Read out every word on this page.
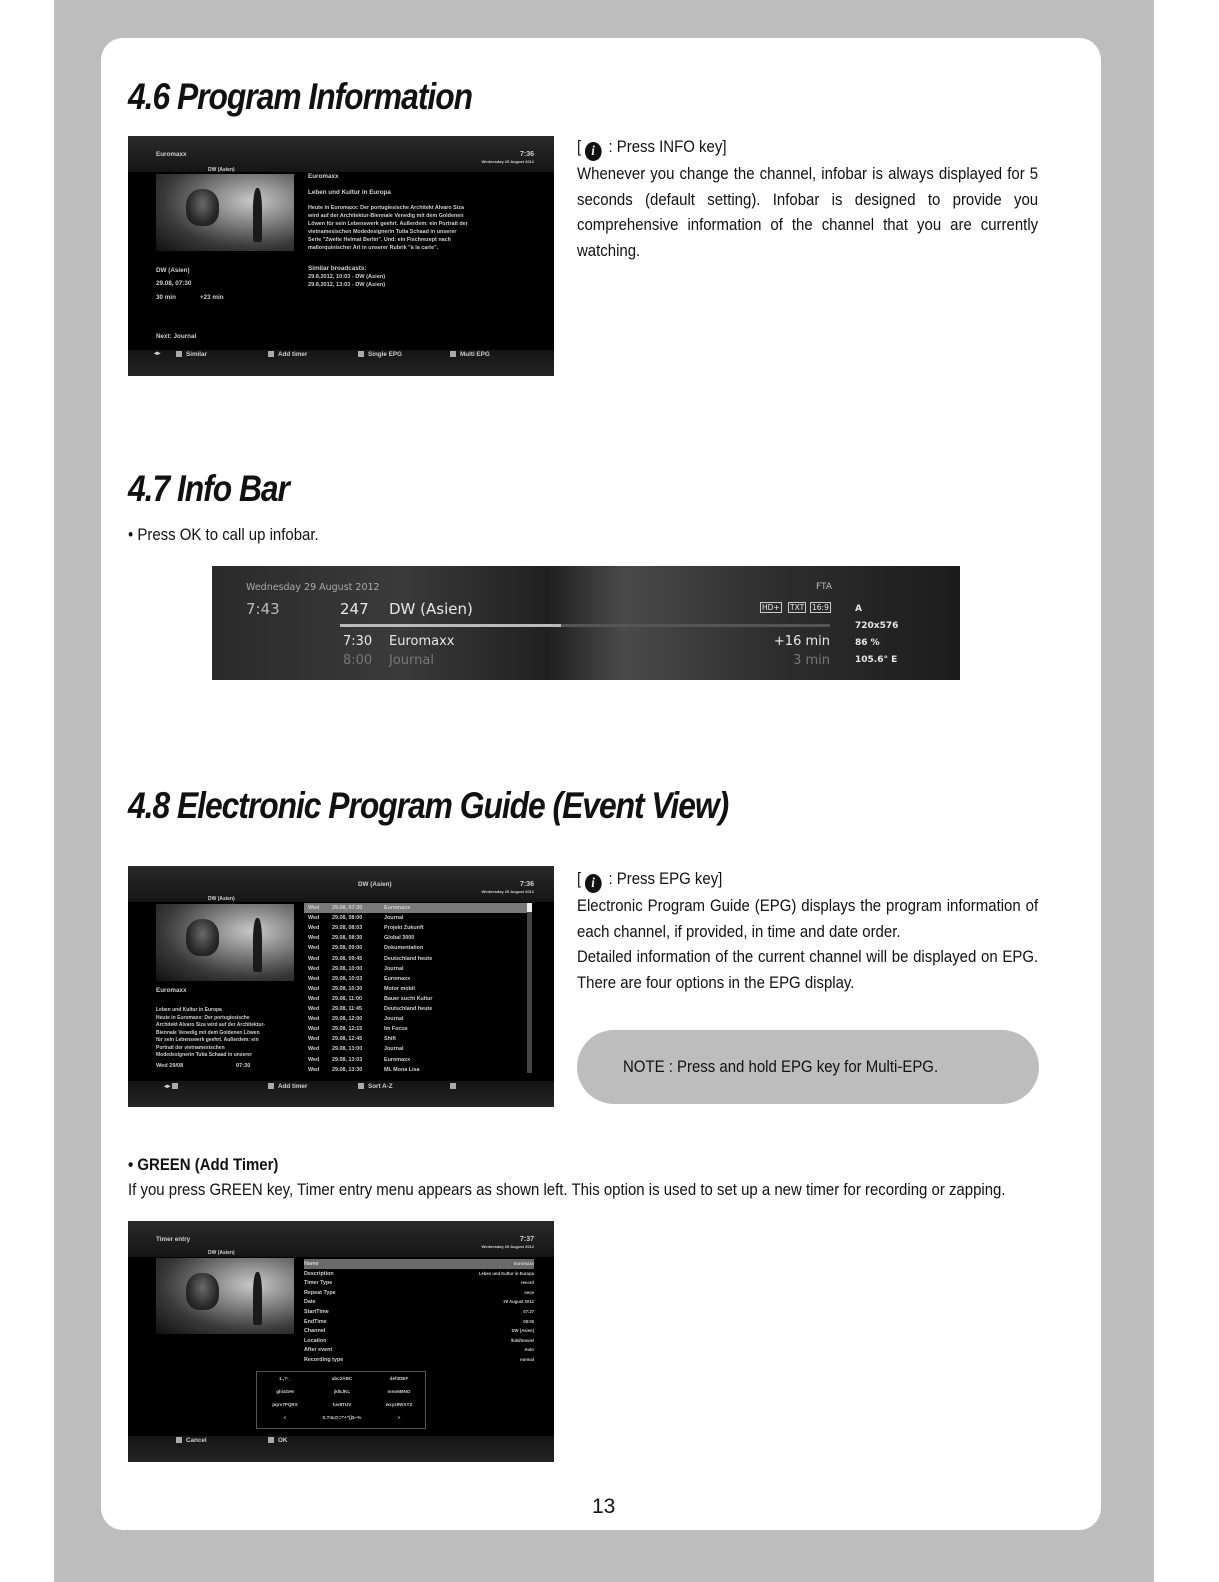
4.6 Program Information
Euromaxx	7:36
Wednesday 29 August 2012
DW (Asien)
Euromaxx
Leben und Kultur in Europa
Heute in Euromaxx: Der portugiesische Architekt Alvaro Siza
wird auf der Architektur-Biennale Venedig mit dem Goldenen
Löwen für sein Lebenswerk geehrt. Außerdem: ein Portrait der
vietnamesischen Modedesignerin Tutia Schaad in unserer
Serie "Zwelte Helmat Berlin". Und: ein Fischrezept nach
mallorquinischer Art in unserer Rubrik "à la carte".
Similar broadcasts:
29.8.2012, 10:03 - DW (Asien)
29.8.2012, 13:03 - DW (Asien)
DW (Asien)
29.08, 07:30
30 min	+23 min
Next: Journal
◂▸	Similar	Add timer	Single EPG	Multi EPG

[ i : Press INFO key]

Whenever you change the channel, infobar is always displayed for 5 seconds (default setting). Infobar is designed to provide you comprehensive information of the channel that you are currently watching.

4.7 Info Bar
• Press OK to call up infobar.
Wednesday 29 August 2012	FTA
7:43	247 DW (Asien)
7:30 Euromaxx	+16 min
8:00 Journal	3 min
HD+ TXT 16:9	A
720x576
86 %
105.6° E
4.8 Electronic Program Guide (Event View)
DW (Asien)	7:36
Wednesday 29 August 2012
DW (Asien)
Euromaxx
Leben und Kultur in Europa
Heute in Euromaxx: Der portugiesische
Architekt Alvaro Siza wird auf der Architektur-
Biennale Venedig mit dem Goldenen Löwen
für sein Lebenswerk geehrt. Außerdem: ein
Portrait der vietnamesischen
Modedesignerin Tutia Schaad in unserer
Wed 29/08	07:30
Wed 29.08, 07:30	Euromaxx
Wed 29.08, 08:00	Journal
Wed 29.08, 08:03	Projekt Zukunft
Wed 29.08, 08:30	Global 3000
Wed 29.08, 09:00	Dokumentation
Wed 29.08, 09:45	Deutschland heute
Wed 29.08, 10:00	Journal
Wed 29.08, 10:03	Euromaxx
Wed 29.08, 10:30	Motor mobil
Wed 29.08, 11:00	Bauer sucht Kultur
Wed 29.08, 11:45	Deutschland heute
Wed 29.08, 12:00	Journal
Wed 29.08, 12:15	Im Focus
Wed 29.08, 12:45	Shift
Wed 29.08, 13:00	Journal
Wed 29.08, 13:03	Euromaxx
Wed 29.08, 13:30	ML Mona Lisa
◂▸	Add timer	Sort A-Z

[ i : Press EPG key]

Electronic Program Guide (EPG) displays the program information of each channel, if provided, in time and date order.

Detailed information of the current channel will be displayed on EPG. There are four options in the EPG display.

NOTE : Press and hold EPG key for Multi-EPG.
• GREEN (Add Timer)
If you press GREEN key, Timer entry menu appears as shown left. This option is used to set up a new timer for recording or zapping.
Timer entry	7:37
Wednesday 29 August 2012
DW (Asien)
Name	Euromaxx
Description	Leben und Kultur in Europa
Timer Type	record
Repeat Type	once
Date	29 August 2012
StartTime	07:27
EndTime	08:05
Channel	DW (Asien)
Location	/hdd/movie/
After event	Auto
Recording type	normal
1.,?-_	abc2ABC	def3DEF
ghi4GHI	jkl5JKL	mno6MNO
pqrs7PQRS	tuv8TUV	wxyz9WXYZ
<	0,?!&@=*'+"()$~%	>
Cancel	OK
13
